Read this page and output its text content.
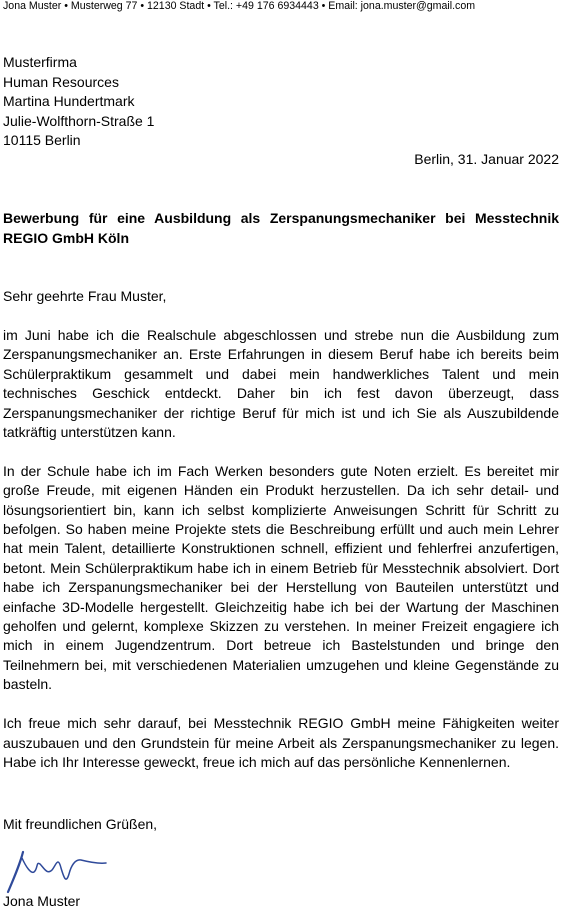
Jona Muster • Musterweg 77 • 12130 Stadt • Tel.: +49 176 6934443 • Email: jona.muster@gmail.com
Musterfirma
Human Resources
Martina Hundertmark
Julie-Wolfthorn-Straße 1
10115 Berlin
Berlin, 31. Januar 2022
Bewerbung für eine Ausbildung als Zerspanungsmechaniker bei Messtechnik REGIO GmbH Köln
Sehr geehrte Frau Muster,

im Juni habe ich die Realschule abgeschlossen und strebe nun die Ausbildung zum Zerspanungsmechaniker an. Erste Erfahrungen in diesem Beruf habe ich bereits beim Schülerpraktikum gesammelt und dabei mein handwerkliches Talent und mein technisches Geschick entdeckt. Daher bin ich fest davon überzeugt, dass Zerspanungsmechaniker der richtige Beruf für mich ist und ich Sie als Auszubildende tatkräftig unterstützen kann.

In der Schule habe ich im Fach Werken besonders gute Noten erzielt. Es bereitet mir große Freude, mit eigenen Händen ein Produkt herzustellen. Da ich sehr detail- und lösungsorientiert bin, kann ich selbst komplizierte Anweisungen Schritt für Schritt zu befolgen. So haben meine Projekte stets die Beschreibung erfüllt und auch mein Lehrer hat mein Talent, detaillierte Konstruktionen schnell, effizient und fehlerfrei anzufertigen, betont. Mein Schülerpraktikum habe ich in einem Betrieb für Messtechnik absolviert. Dort habe ich Zerspanungsmechaniker bei der Herstellung von Bauteilen unterstützt und einfache 3D-Modelle hergestellt. Gleichzeitig habe ich bei der Wartung der Maschinen geholfen und gelernt, komplexe Skizzen zu verstehen. In meiner Freizeit engagiere ich mich in einem Jugendzentrum. Dort betreue ich Bastelstunden und bringe den Teilnehmern bei, mit verschiedenen Materialien umzugehen und kleine Gegenstände zu basteln.

Ich freue mich sehr darauf, bei Messtechnik REGIO GmbH meine Fähigkeiten weiter auszubauen und den Grundstein für meine Arbeit als Zerspanungsmechaniker zu legen. Habe ich Ihr Interesse geweckt, freue ich mich auf das persönliche Kennenlernen.

Mit freundlichen Grüßen,
Jona Muster
